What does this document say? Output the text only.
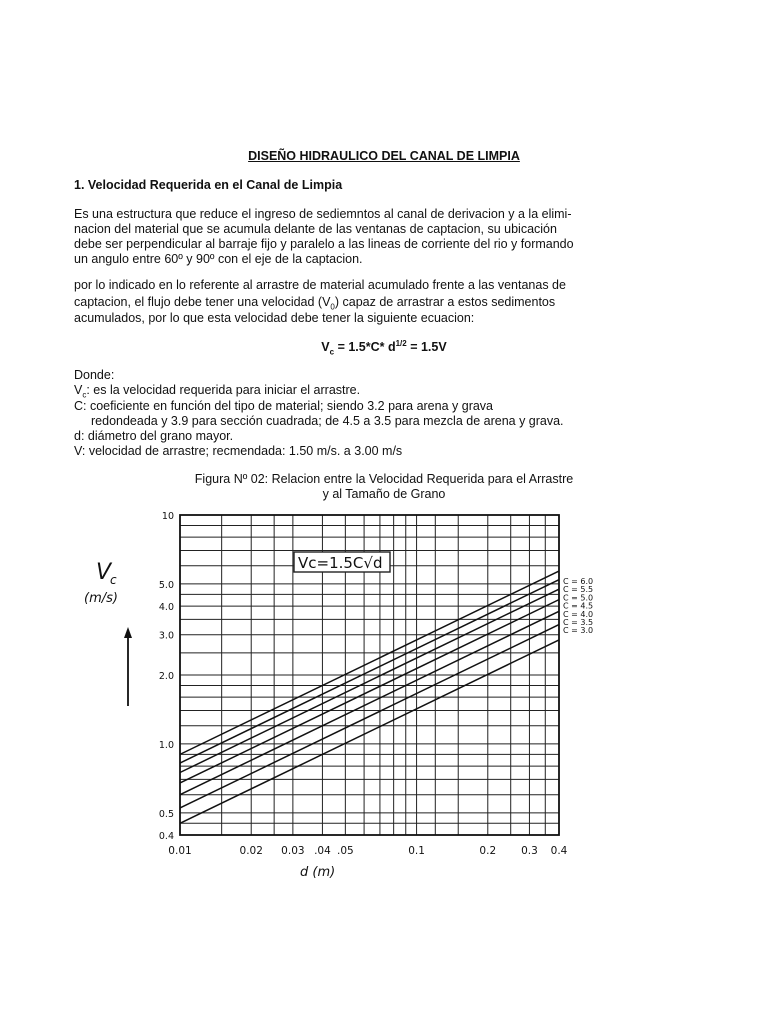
DISEÑO HIDRAULICO DEL CANAL DE LIMPIA
1. Velocidad Requerida en el Canal de Limpia
Es una estructura que reduce el ingreso de sediemntos al canal de derivacion y a la elimi-
nacion del material que se acumula delante de las ventanas de captacion, su ubicación
debe ser perpendicular al barraje fijo y paralelo a las lineas de corriente del rio y formando
un angulo entre 60º y 90º con el eje de la captacion.
por lo indicado en lo referente al arrastre de material acumulado frente a las ventanas de
captacion, el flujo debe tener una velocidad $(V_0)$ capaz de arrastrar a estos sedimentos
acumulados, por lo que esta velocidad debe tener la siguiente ecuacion:
$V_c = 1.5*C*$ $d^{1/2} = 1.5V$
Donde:
$V_c$: es la velocidad requerida para iniciar el arrastre.
C: coeficiente en función del tipo de material; siendo 3.2 para arena y grava
redondeada y 3.9 para sección cuadrada; de 4.5 a 3.5 para mezcla de arena y grava.
d: diámetro del grano mayor.
V: velocidad de arrastre; recmendada: 1.50 m/s. a 3.00 m/s
Figura Nº 02: Relacion entre la Velocidad Requerida para el Arrastre
y al Tamaño de Grano
0.01	0.02 0.03 .04 .05	0.1	0.2 0.3 0.4
0.4
0.5
1.0
2.0
3.0
4.0
5.0
10
C = 6.0
C = 5.5
C = 5.0
C = 4.5
C = 4.0
C = 3.5
C = 3.0
V
c
(m/s)
Vc=1.5C√d
d (m)
